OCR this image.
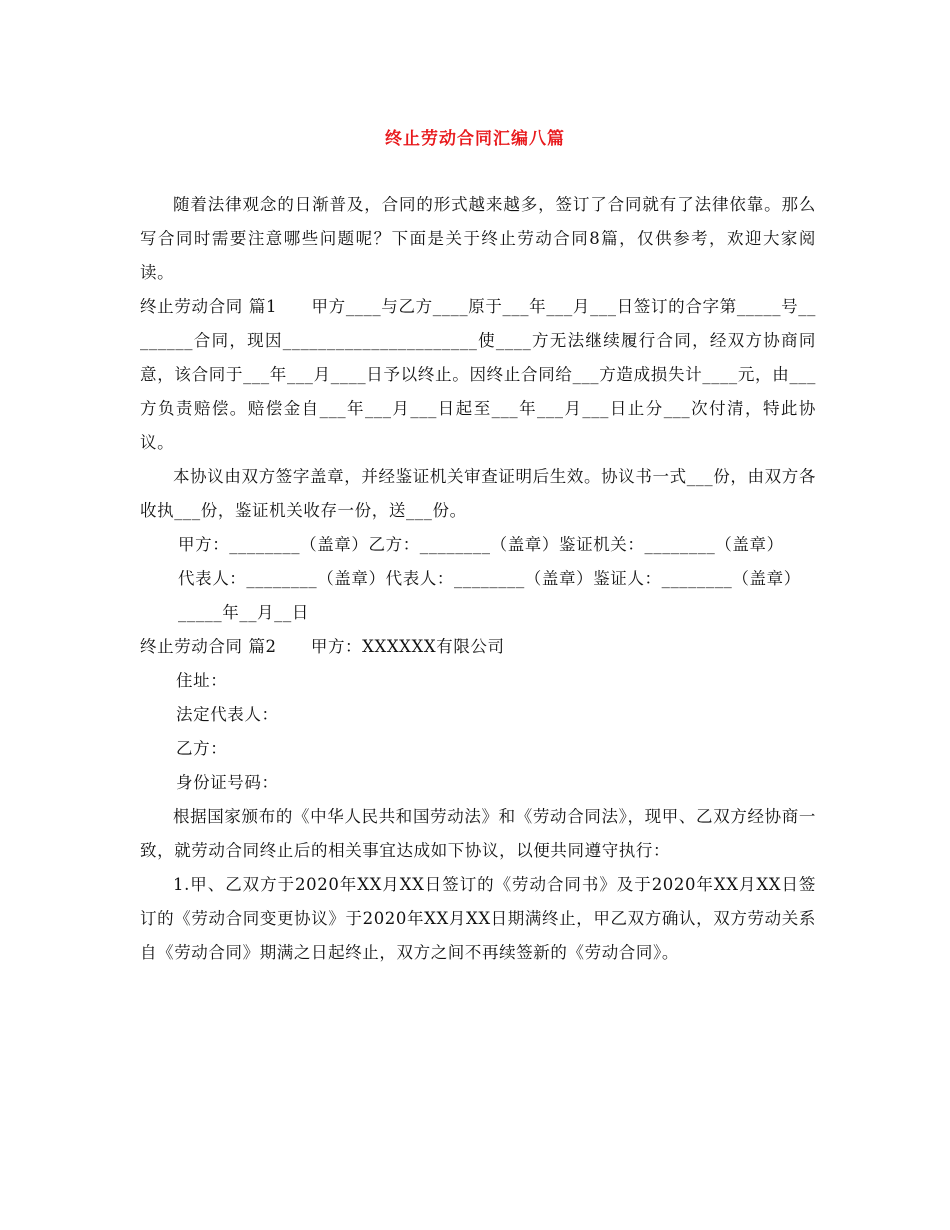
终止劳动合同汇编八篇

随着法律观念的日渐普及，合同的形式越来越多，签订了合同就有了法律依靠。那么写合同时需要注意哪些问题呢？下面是关于终止劳动合同8篇，仅供参考，欢迎大家阅读。

终止劳动合同 篇1　　甲方____与乙方____原于___年___月___日签订的合字第_____号________合同，现因______________________使____方无法继续履行合同，经双方协商同意，该合同于___年___月____日予以终止。因终止合同给___方造成损失计____元，由___方负责赔偿。赔偿金自___年___月___日起至___年___月___日止分___次付清，特此协议。

本协议由双方签字盖章，并经鉴证机关审查证明后生效。协议书一式___份，由双方各收执___份，鉴证机关收存一份，送___份。

甲方：________（盖章）乙方：________（盖章）鉴证机关：________（盖章）

代表人：________（盖章）代表人：________（盖章）鉴证人：________（盖章）

_____年__月__日

终止劳动合同 篇2　　甲方：XXXXXX有限公司

住址：

法定代表人：

乙方：

身份证号码：

根据国家颁布的《中华人民共和国劳动法》和《劳动合同法》，现甲、乙双方经协商一致，就劳动合同终止后的相关事宜达成如下协议，以便共同遵守执行：

1.甲、乙双方于2020年XX月XX日签订的《劳动合同书》及于2020年XX月XX日签订的《劳动合同变更协议》于2020年XX月XX日期满终止，甲乙双方确认，双方劳动关系自《劳动合同》期满之日起终止，双方之间不再续签新的《劳动合同》。
